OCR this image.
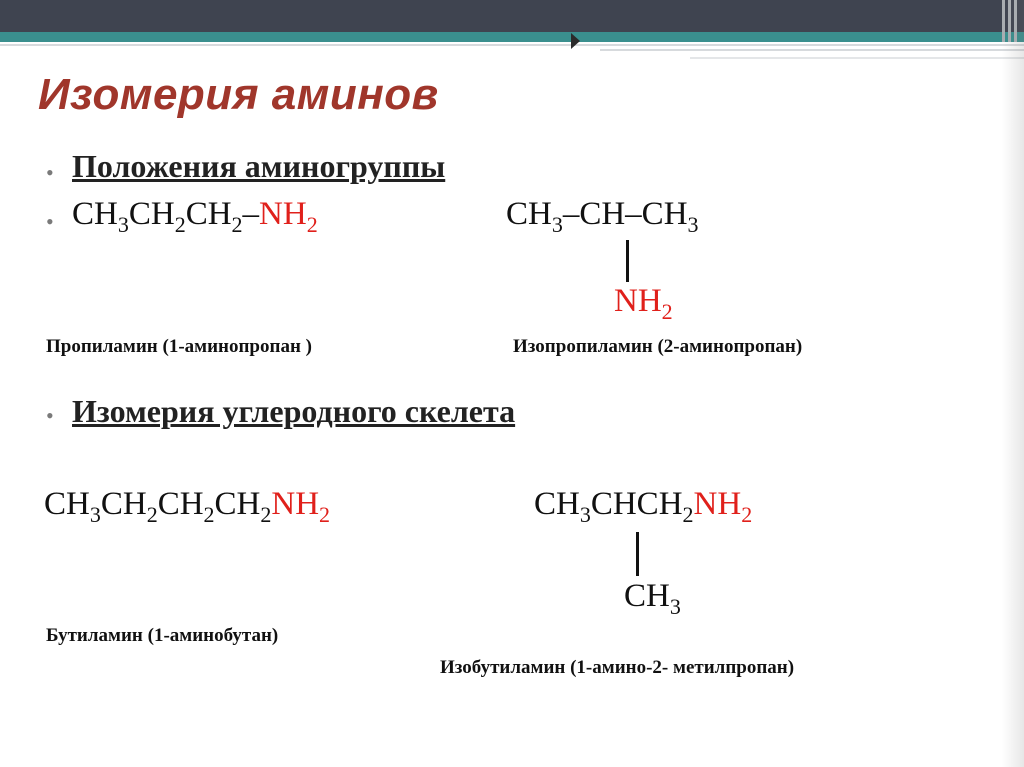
Изомерия аминов
• Положения аминогруппы
• $CH_3CH_2CH_2-NH_2$	$CH_3-CH-CH_3$
$NH_2$
Пропиламин (1-аминопропан )	Изопропиламин (2-аминопропан)
• Изомерия углеродного скелета
$CH_3CH_2CH_2CH_2NH_2$	$CH_3CHCH_2NH_2$
$CH_3$
Бутиламин (1-аминобутан)
Изобутиламин (1-амино-2- метилпропан)
